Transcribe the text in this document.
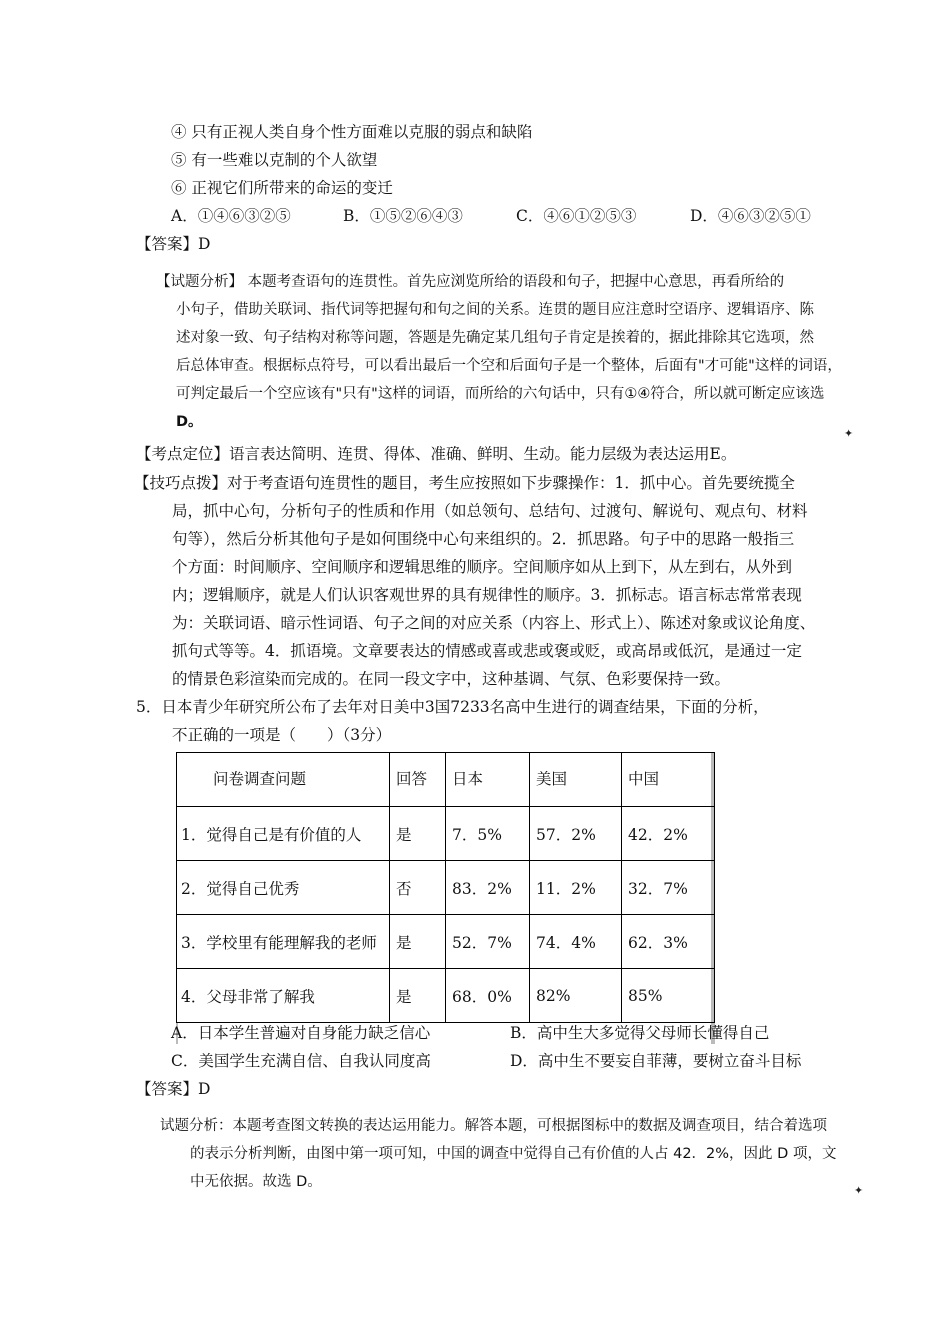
④ 只有正视人类自身个性方面难以克服的弱点和缺陷
⑤ 有一些难以克制的个人欲望
⑥ 正视它们所带来的命运的变迁
A．①④⑥③②⑤	B．①⑤②⑥④③	C．④⑥①②⑤③	D．④⑥③②⑤①
【答案】D
【试题分析】 本题考查语句的连贯性。首先应浏览所给的语段和句子，把握中心意思，再看所给的
小句子，借助关联词、指代词等把握句和句之间的关系。连贯的题目应注意时空语序、逻辑语序、陈
述对象一致、句子结构对称等问题，答题是先确定某几组句子肯定是挨着的，据此排除其它选项，然
后总体审查。根据标点符号，可以看出最后一个空和后面句子是一个整体，后面有"才可能"这样的词语，
可判定最后一个空应该有"只有"这样的词语，而所给的六句话中，只有①④符合，所以就可断定应该选
D。
✦
【考点定位】语言表达简明、连贯、得体、准确、鲜明、生动。能力层级为表达运用E。
【技巧点拨】对于考查语句连贯性的题目，考生应按照如下步骤操作：1．抓中心。首先要统揽全
局，抓中心句，分析句子的性质和作用（如总领句、总结句、过渡句、解说句、观点句、材料
句等），然后分析其他句子是如何围绕中心句来组织的。2．抓思路。句子中的思路一般指三
个方面：时间顺序、空间顺序和逻辑思维的顺序。空间顺序如从上到下，从左到右，从外到
内；逻辑顺序，就是人们认识客观世界的具有规律性的顺序。3．抓标志。语言标志常常表现
为：关联词语、暗示性词语、句子之间的对应关系（内容上、形式上）、陈述对象或议论角度、
抓句式等等。4．抓语境。文章要表达的情感或喜或悲或褒或贬，或高昂或低沉，是通过一定
的情景色彩渲染而完成的。在同一段文字中，这种基调、气氛、色彩要保持一致。
5．日本青少年研究所公布了去年对日美中3国7233名高中生进行的调查结果，下面的分析，
不正确的一项是（　　）（3分）
问卷调查问题	回答	日本	美国	中国
1．觉得自己是有价值的人	是	7．5%	57．2%	42．2%
2．觉得自己优秀	否	83．2%	11．2%	32．7%
3．学校里有能理解我的老师	是	52．7%	74．4%	62．3%
4．父母非常了解我	是	68．0%	82%	85%
A．日本学生普遍对自身能力缺乏信心	B．高中生大多觉得父母师长懂得自己
C．美国学生充满自信、自我认同度高	D．高中生不要妄自菲薄，要树立奋斗目标
【答案】D
试题分析：本题考查图文转换的表达运用能力。解答本题，可根据图标中的数据及调查项目，结合着选项
的表示分析判断，由图中第一项可知，中国的调查中觉得自己有价值的人占 42．2%，因此 D 项，文
中无依据。故选 D。
✦
